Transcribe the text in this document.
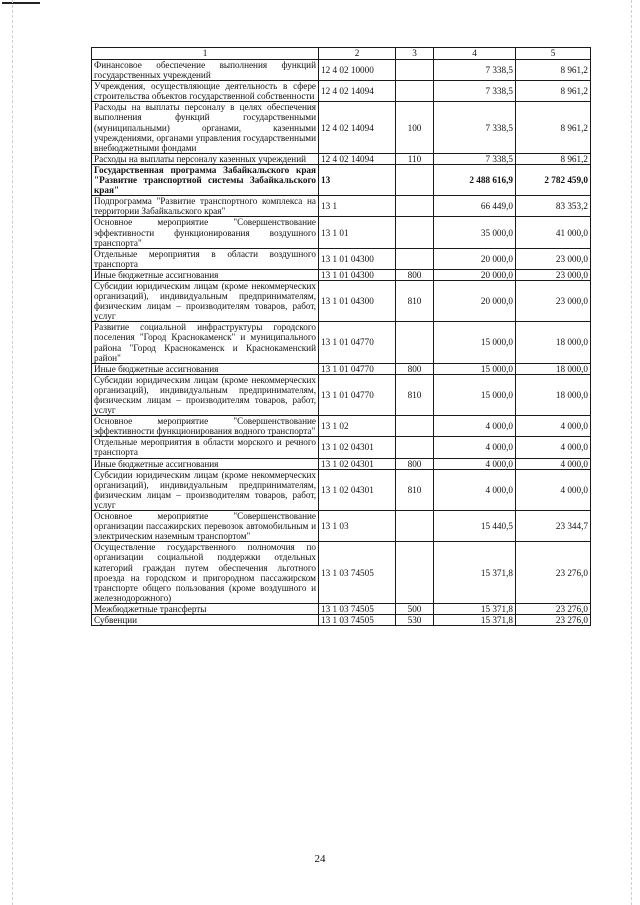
1	2	3	4	5
Финансовое обеспечение выполнения функций государственных учреждений	12 4 02 10000		7 338,5	8 961,2
Учреждения, осуществляющие деятельность в сфере строительства объектов государственной собственности	12 4 02 14094		7 338,5	8 961,2
Расходы на выплаты персоналу в целях обеспечения выполнения функций государственными (муниципальными) органами, казенными учреждениями, органами управления государственными внебюджетными фондами	12 4 02 14094	100	7 338,5	8 961,2
Расходы на выплаты персоналу казенных учреждений	12 4 02 14094	110	7 338,5	8 961,2
Государственная программа Забайкальского края "Развитие транспортной системы Забайкальского края"	13		2 488 616,9	2 782 459,0
Подпрограмма "Развитие транспортного комплекса на территории Забайкальского края"	13 1		66 449,0	83 353,2
Основное мероприятие "Совершенствование эффективности функционирования воздушного транспорта"	13 1 01		35 000,0	41 000,0
Отдельные мероприятия в области воздушного транспорта	13 1 01 04300		20 000,0	23 000,0
Иные бюджетные ассигнования	13 1 01 04300	800	20 000,0	23 000,0
Субсидии юридическим лицам (кроме некоммерческих организаций), индивидуальным предпринимателям, физическим лицам – производителям товаров, работ, услуг	13 1 01 04300	810	20 000,0	23 000,0
Развитие социальной инфраструктуры городского поселения "Город Краснокаменск" и муниципального района "Город Краснокаменск и Краснокаменский район"	13 1 01 04770		15 000,0	18 000,0
Иные бюджетные ассигнования	13 1 01 04770	800	15 000,0	18 000,0
Субсидии юридическим лицам (кроме некоммерческих организаций), индивидуальным предпринимателям, физическим лицам – производителям товаров, работ, услуг	13 1 01 04770	810	15 000,0	18 000,0
Основное мероприятие "Совершенствование эффективности функционирования водного транспорта"	13 1 02		4 000,0	4 000,0
Отдельные мероприятия в области морского и речного транспорта	13 1 02 04301		4 000,0	4 000,0
Иные бюджетные ассигнования	13 1 02 04301	800	4 000,0	4 000,0
Субсидии юридическим лицам (кроме некоммерческих организаций), индивидуальным предпринимателям, физическим лицам – производителям товаров, работ, услуг	13 1 02 04301	810	4 000,0	4 000,0
Основное мероприятие "Совершенствование организации пассажирских перевозок автомобильным и электрическим наземным транспортом"	13 1 03		15 440,5	23 344,7
Осуществление государственного полномочия по организации социальной поддержки отдельных категорий граждан путем обеспечения льготного проезда на городском и пригородном пассажирском транспорте общего пользования (кроме воздушного и железнодорожного)	13 1 03 74505		15 371,8	23 276,0
Межбюджетные трансферты	13 1 03 74505	500	15 371,8	23 276,0
Субвенции	13 1 03 74505	530	15 371,8	23 276,0
24
